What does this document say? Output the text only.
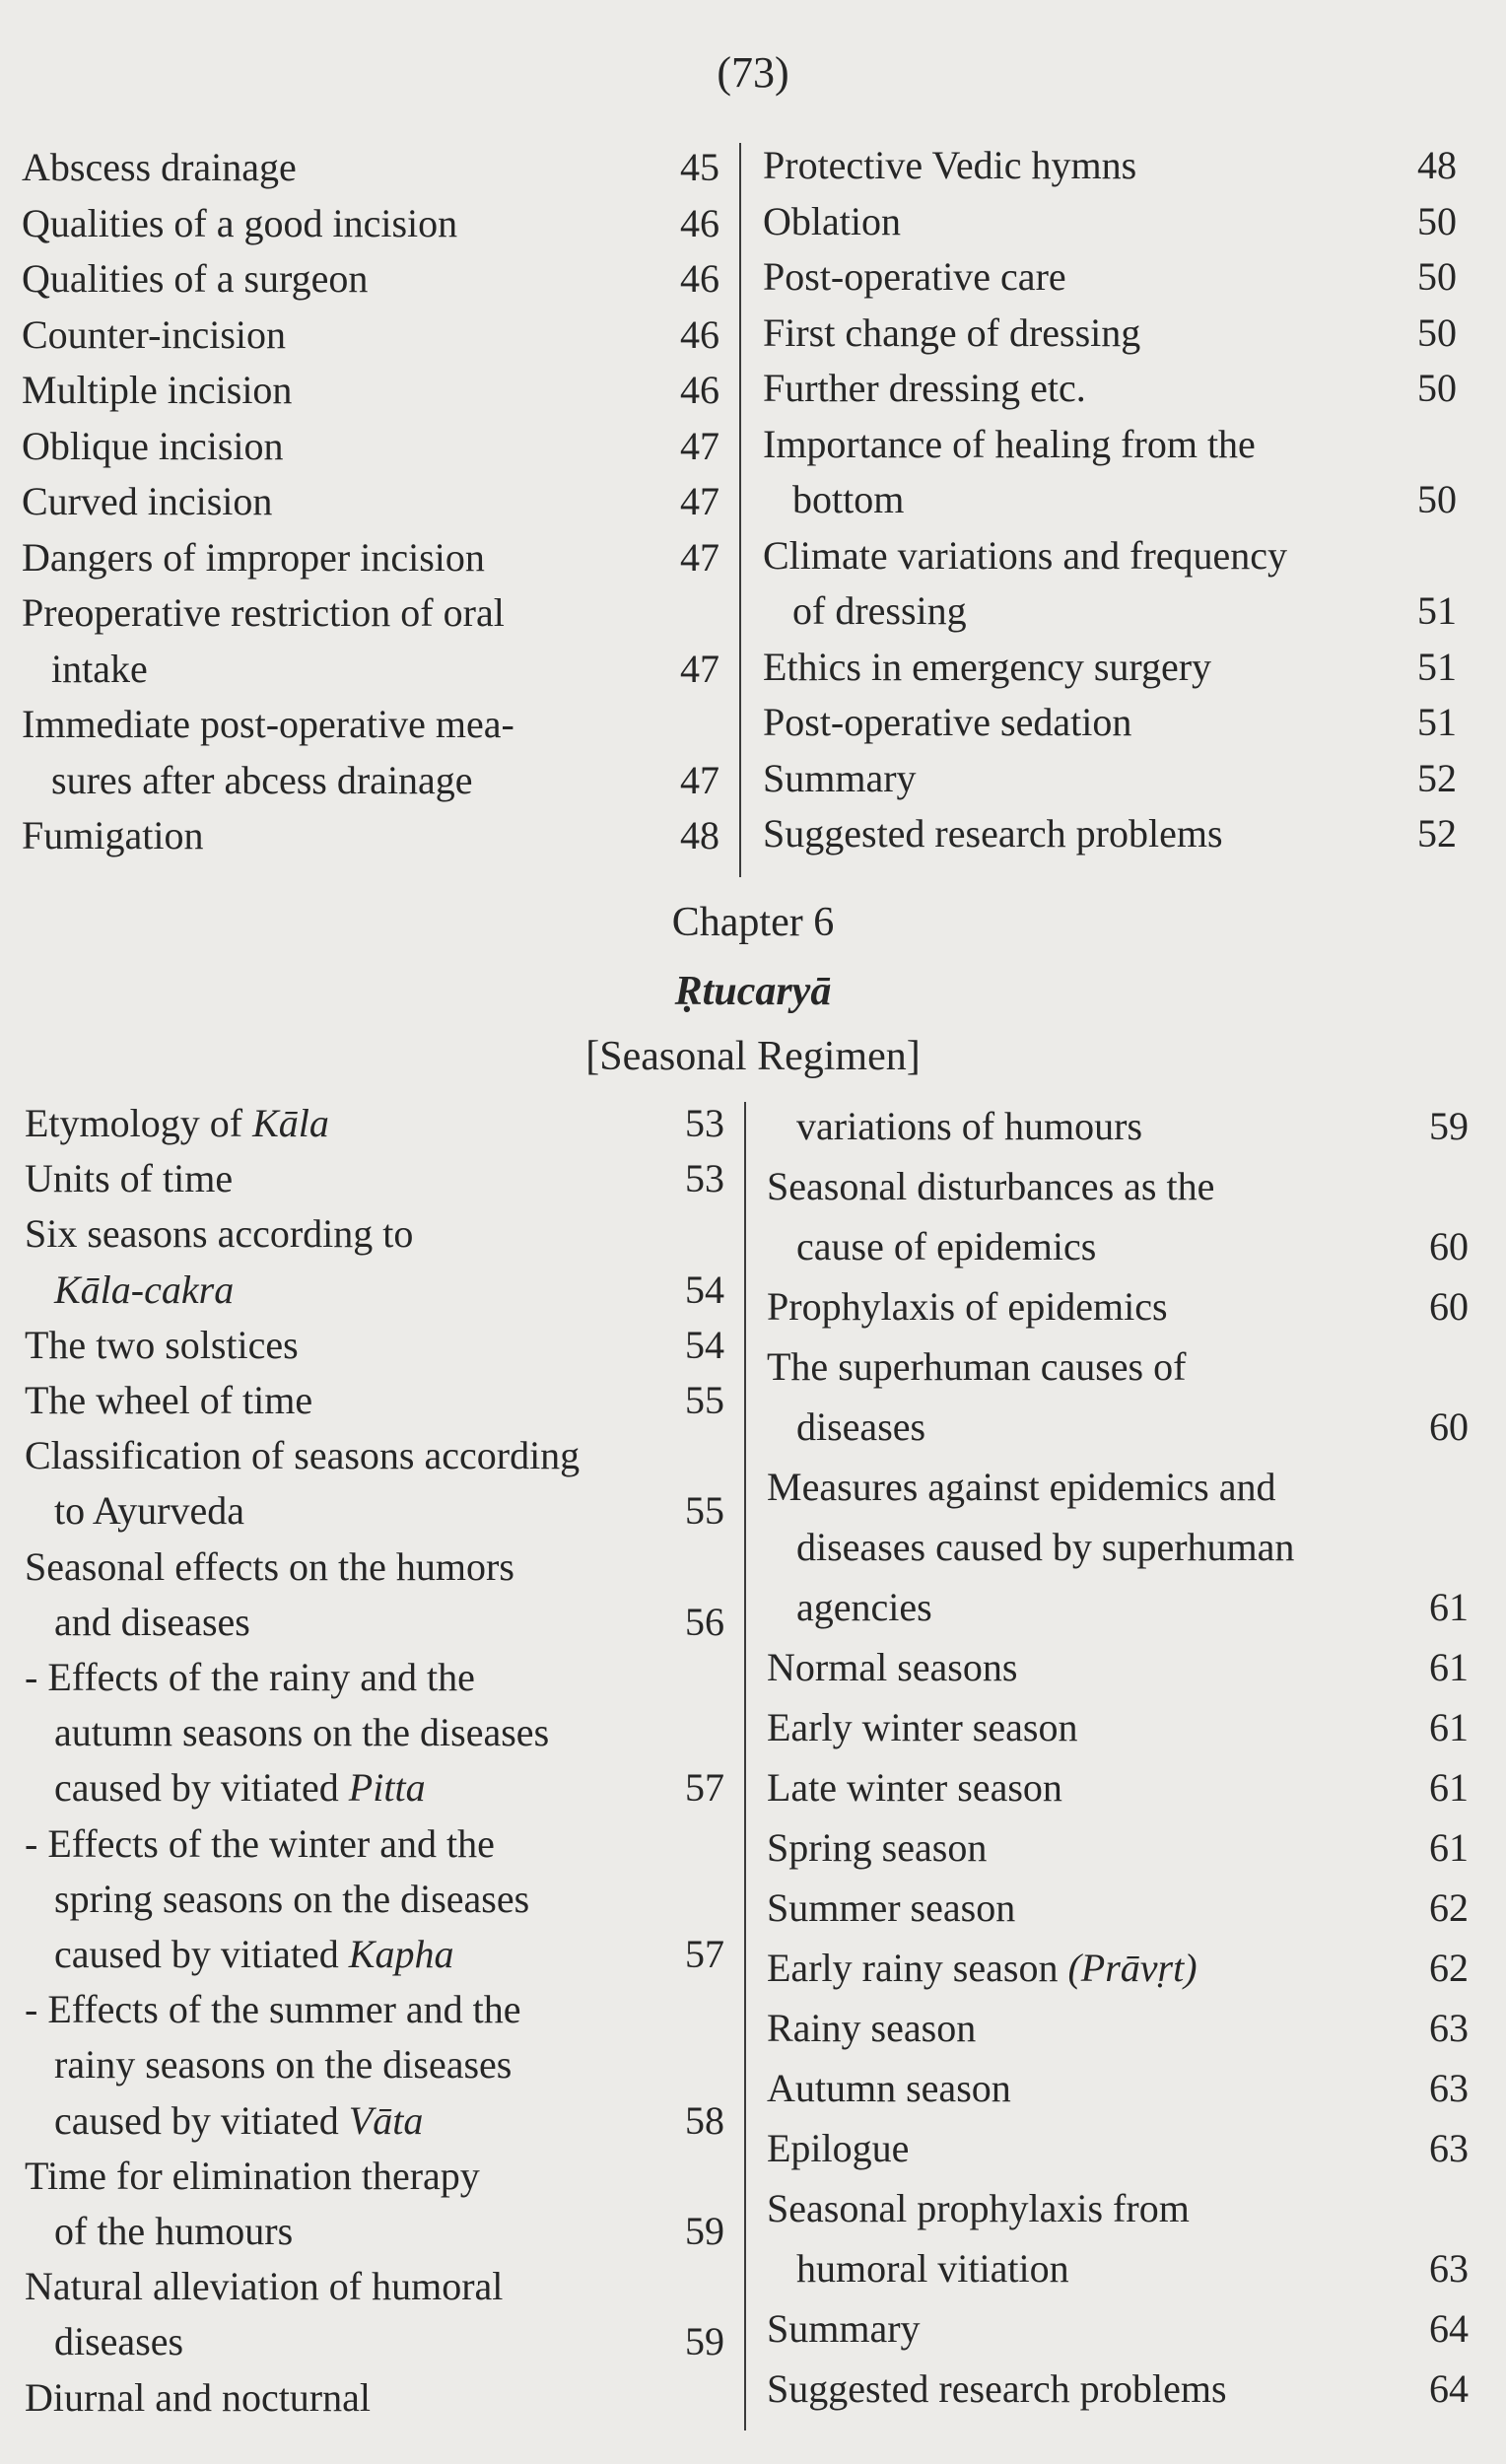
(73)
Abscess drainage	45
Qualities of a good incision	46
Qualities of a surgeon	46
Counter-incision	46
Multiple incision	46
Oblique incision	47
Curved incision	47
Dangers of improper incision	47
Preoperative restriction of oral
intake	47
Immediate post-operative mea-
sures after abcess drainage	47
Fumigation	48
Protective Vedic hymns	48
Oblation	50
Post-operative care	50
First change of dressing	50
Further dressing etc.	50
Importance of healing from the
bottom	50
Climate variations and frequency
of dressing	51
Ethics in emergency surgery	51
Post-operative sedation	51
Summary	52
Suggested research problems	52
Chapter 6
Ṛtucaryā
[Seasonal Regimen]
Etymology of Kāla	53
Units of time	53
Six seasons according to
Kāla-cakra	54
The two solstices	54
The wheel of time	55
Classification of seasons according
to Ayurveda	55
Seasonal effects on the humors
and diseases	56
- Effects of the rainy and the
autumn seasons on the diseases
caused by vitiated Pitta	57
- Effects of the winter and the
spring seasons on the diseases
caused by vitiated Kapha	57
- Effects of the summer and the
rainy seasons on the diseases
caused by vitiated Vāta	58
Time for elimination therapy
of the humours	59
Natural alleviation of humoral
diseases	59
Diurnal and nocturnal
variations of humours	59
Seasonal disturbances as the
cause of epidemics	60
Prophylaxis of epidemics	60
The superhuman causes of
diseases	60
Measures against epidemics and
diseases caused by superhuman
agencies	61
Normal seasons	61
Early winter season	61
Late winter season	61
Spring season	61
Summer season	62
Early rainy season (Prāvṛt)	62
Rainy season	63
Autumn season	63
Epilogue	63
Seasonal prophylaxis from
humoral vitiation	63
Summary	64
Suggested research problems	64
